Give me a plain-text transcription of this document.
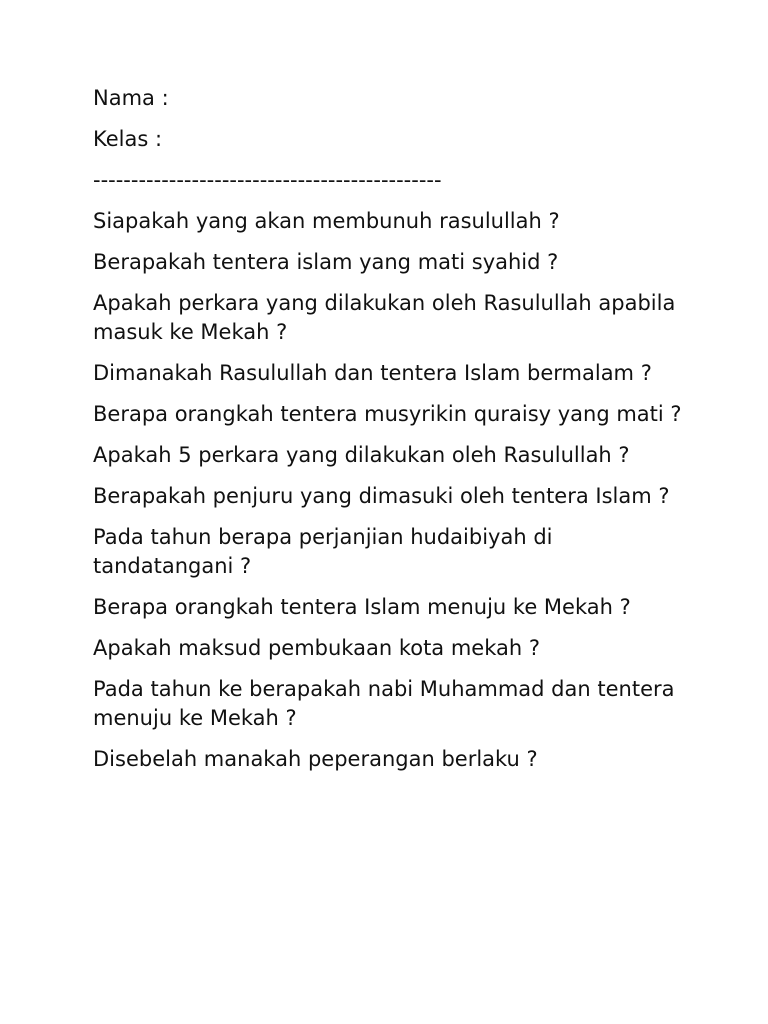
Nama :
Kelas :
----------------------------------------------
Siapakah yang akan membunuh rasulullah ?
Berapakah tentera islam yang mati syahid ?
Apakah perkara yang dilakukan oleh Rasulullah apabila masuk ke Mekah ?
Dimanakah Rasulullah dan tentera Islam bermalam ?
Berapa orangkah tentera musyrikin quraisy yang mati ?
Apakah 5 perkara yang dilakukan oleh Rasulullah ?
Berapakah penjuru yang dimasuki oleh tentera Islam ?
Pada tahun berapa perjanjian hudaibiyah di tandatangani ?
Berapa orangkah tentera Islam menuju ke Mekah ?
Apakah maksud pembukaan kota mekah ?
Pada tahun ke berapakah nabi Muhammad dan tentera menuju ke Mekah ?
Disebelah manakah peperangan berlaku ?
